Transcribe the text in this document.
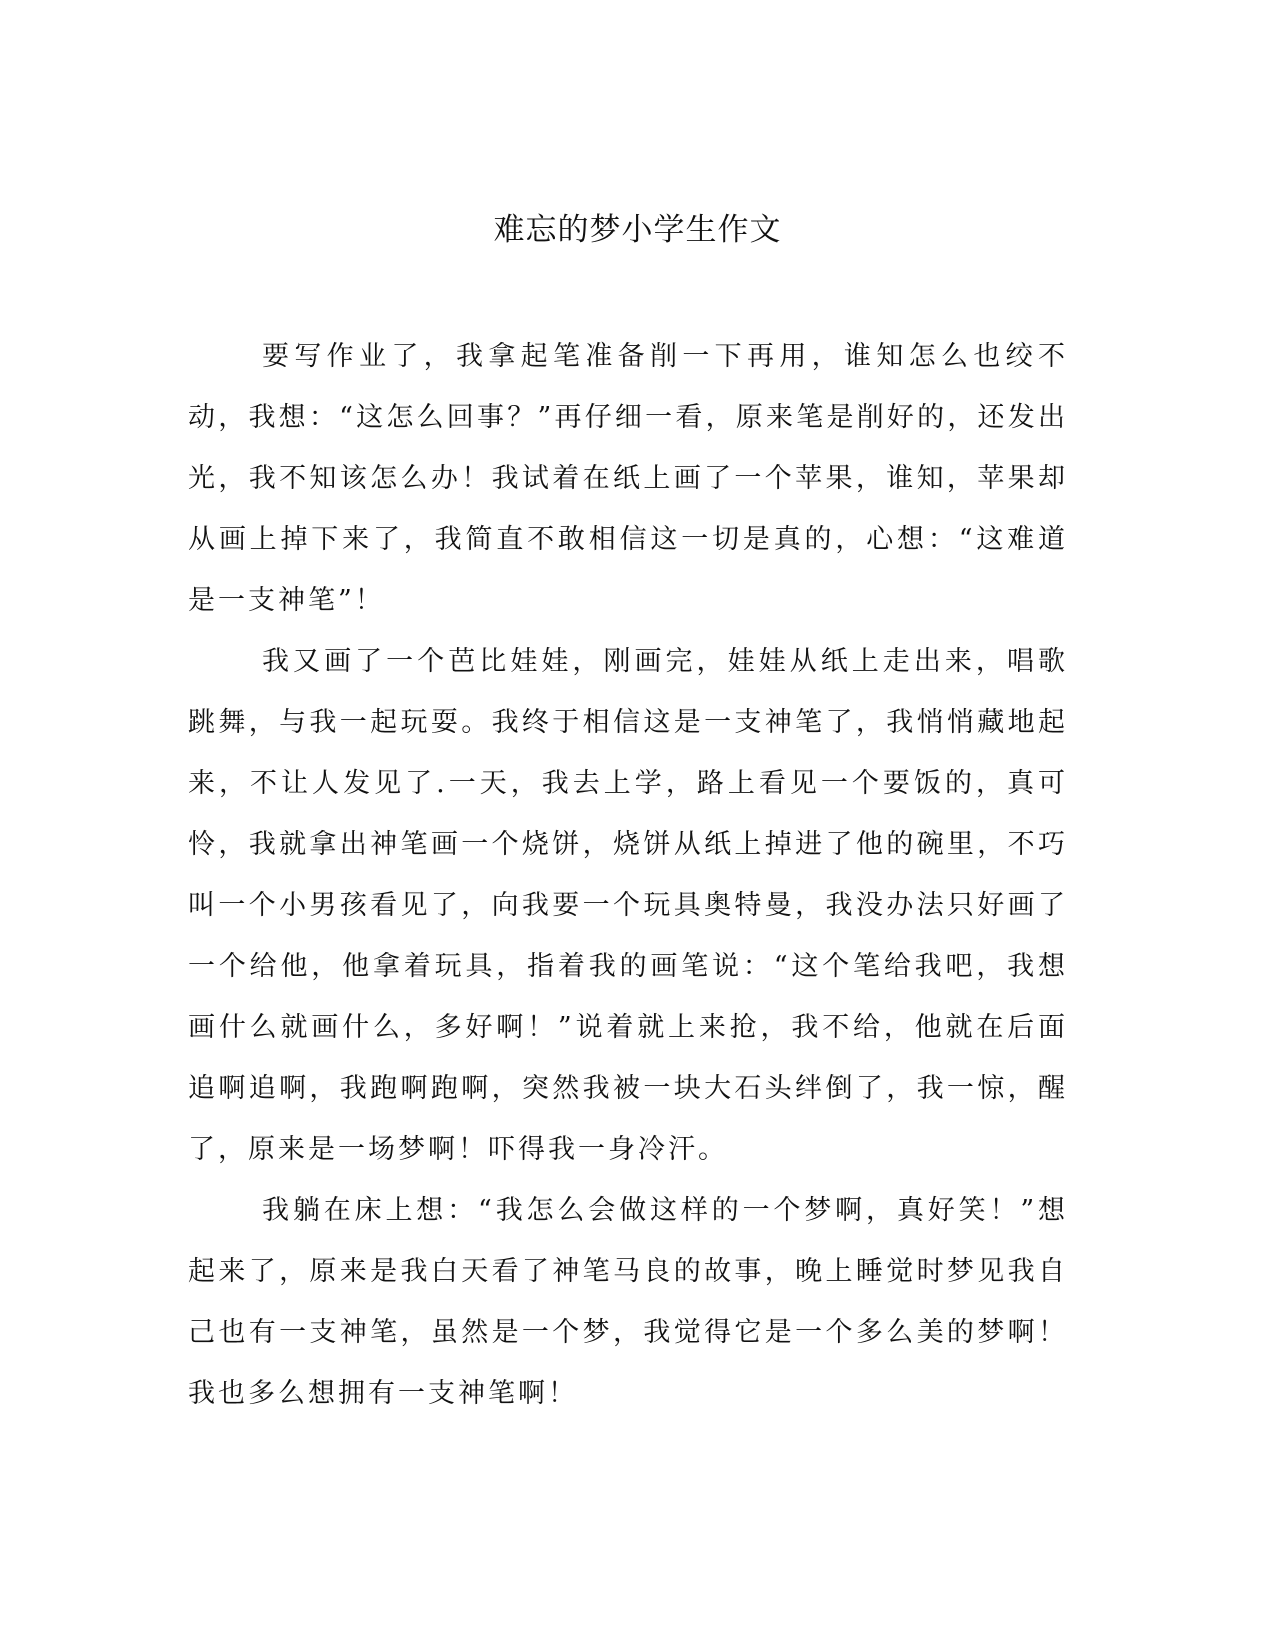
难忘的梦小学生作文

要写作业了，我拿起笔准备削一下再用，谁知怎么也绞不动，我想：“这怎么回事？”再仔细一看，原来笔是削好的，还发出光，我不知该怎么办！我试着在纸上画了一个苹果，谁知，苹果却从画上掉下来了，我简直不敢相信这一切是真的，心想：“这难道是一支神笔”！

我又画了一个芭比娃娃，刚画完，娃娃从纸上走出来，唱歌跳舞，与我一起玩耍。我终于相信这是一支神笔了，我悄悄藏地起来，不让人发见了.一天，我去上学，路上看见一个要饭的，真可怜，我就拿出神笔画一个烧饼，烧饼从纸上掉进了他的碗里，不巧叫一个小男孩看见了，向我要一个玩具奥特曼，我没办法只好画了一个给他，他拿着玩具，指着我的画笔说：“这个笔给我吧，我想画什么就画什么，多好啊！”说着就上来抢，我不给，他就在后面追啊追啊，我跑啊跑啊，突然我被一块大石头绊倒了，我一惊，醒了，原来是一场梦啊！吓得我一身冷汗。

我躺在床上想：“我怎么会做这样的一个梦啊，真好笑！”想起来了，原来是我白天看了神笔马良的故事，晚上睡觉时梦见我自己也有一支神笔，虽然是一个梦，我觉得它是一个多么美的梦啊！我也多么想拥有一支神笔啊！
